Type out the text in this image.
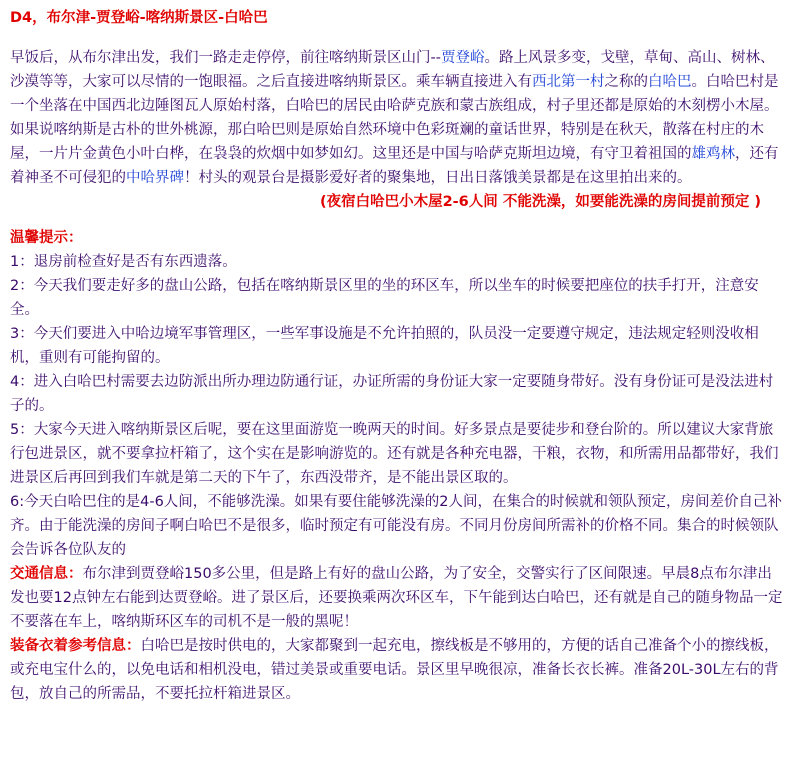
D4，布尔津-贾登峪-喀纳斯景区-白哈巴

早饭后，从布尔津出发，我们一路走走停停，前往喀纳斯景区山门--贾登峪。路上风景多变，戈壁，草甸、高山、树林、沙漠等等，大家可以尽情的一饱眼福。之后直接进喀纳斯景区。乘车辆直接进入有西北第一村之称的白哈巴。白哈巴村是一个坐落在中国西北边陲图瓦人原始村落，白哈巴的居民由哈萨克族和蒙古族组成，村子里还都是原始的木刻楞小木屋。如果说喀纳斯是古朴的世外桃源，那白哈巴则是原始自然环境中色彩斑斓的童话世界，特别是在秋天，散落在村庄的木屋，一片片金黄色小叶白桦，在袅袅的炊烟中如梦如幻。这里还是中国与哈萨克斯坦边境，有守卫着祖国的雄鸡林，还有着神圣不可侵犯的中哈界碑！村头的观景台是摄影爱好者的聚集地，日出日落饿美景都是在这里拍出来的。

(夜宿白哈巴小木屋2-6人间 不能洗澡，如要能洗澡的房间提前预定 )

温馨提示：

1：退房前检查好是否有东西遗落。

2：今天我们要走好多的盘山公路，包括在喀纳斯景区里的坐的环区车，所以坐车的时候要把座位的扶手打开，注意安全。

3：今天们要进入中哈边境军事管理区，一些军事设施是不允许拍照的，队员没一定要遵守规定，违法规定轻则没收相机，重则有可能拘留的。

4：进入白哈巴村需要去边防派出所办理边防通行证，办证所需的身份证大家一定要随身带好。没有身份证可是没法进村子的。

5：大家今天进入喀纳斯景区后呢，要在这里面游览一晚两天的时间。好多景点是要徒步和登台阶的。所以建议大家背旅行包进景区，就不要拿拉杆箱了，这个实在是影响游览的。还有就是各种充电器，干粮，衣物，和所需用品都带好，我们进景区后再回到我们车就是第二天的下午了，东西没带齐，是不能出景区取的。

6:今天白哈巴住的是4-6人间，不能够洗澡。如果有要住能够洗澡的2人间，在集合的时候就和领队预定，房间差价自己补齐。由于能洗澡的房间子啊白哈巴不是很多，临时预定有可能没有房。不同月份房间所需补的价格不同。集合的时候领队会告诉各位队友的

交通信息：布尔津到贾登峪150多公里，但是路上有好的盘山公路，为了安全，交警实行了区间限速。早晨8点布尔津出发也要12点钟左右能到达贾登峪。进了景区后，还要换乘两次环区车，下午能到达白哈巴，还有就是自己的随身物品一定不要落在车上，喀纳斯环区车的司机不是一般的黑呢！

装备衣着参考信息：白哈巴是按时供电的，大家都聚到一起充电，擦线板是不够用的，方便的话自己准备个小的擦线板，或充电宝什么的，以免电话和相机没电，错过美景或重要电话。景区里早晚很凉，准备长衣长裤。准备20L-30L左右的背包，放自己的所需品，不要托拉杆箱进景区。
